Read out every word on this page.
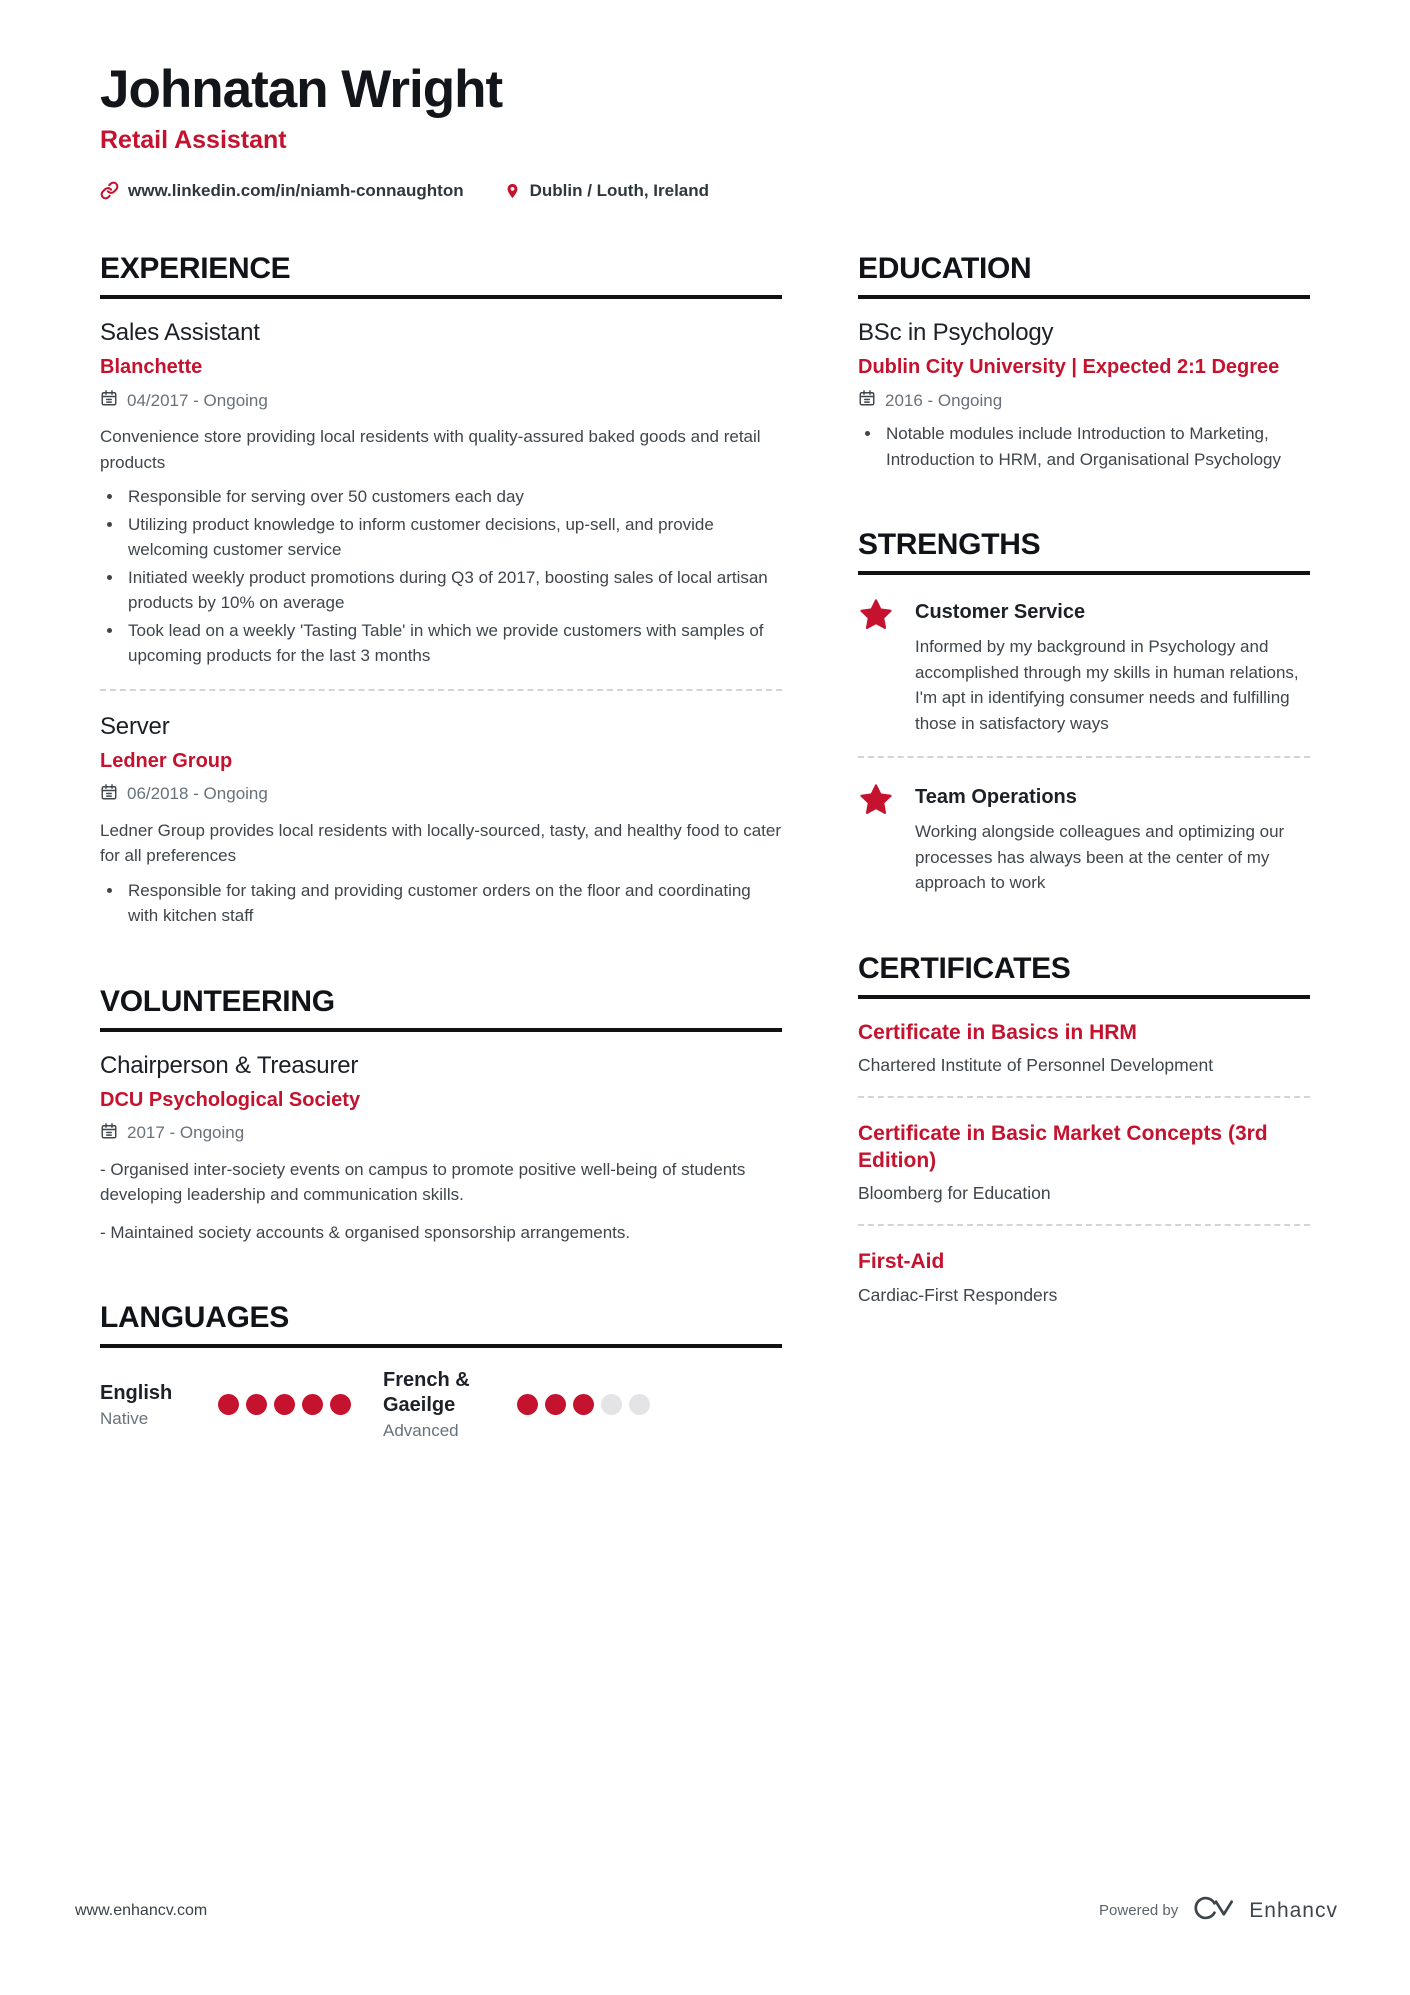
Johnatan Wright
Retail Assistant
www.linkedin.com/in/niamh-connaughton	Dublin / Louth, Ireland
EXPERIENCE
Sales Assistant
Blanchette
04/2017 - Ongoing
Convenience store providing local residents with quality-assured baked goods and retail products
• Responsible for serving over 50 customers each day
• Utilizing product knowledge to inform customer decisions, up-sell, and provide welcoming customer service
• Initiated weekly product promotions during Q3 of 2017, boosting sales of local artisan products by 10% on average
• Took lead on a weekly 'Tasting Table' in which we provide customers with samples of upcoming products for the last 3 months
Server
Ledner Group
06/2018 - Ongoing
Ledner Group provides local residents with locally-sourced, tasty, and healthy food to cater for all preferences
• Responsible for taking and providing customer orders on the floor and coordinating with kitchen staff
VOLUNTEERING
Chairperson & Treasurer
DCU Psychological Society
2017 - Ongoing

- Organised inter-society events on campus to promote positive well-being of students developing leadership and communication skills.

- Maintained society accounts & organised sponsorship arrangements.

LANGUAGES
English
Native
French & Gaeilge
Advanced
EDUCATION
BSc in Psychology
Dublin City University | Expected 2:1 Degree
2016 - Ongoing
• Notable modules include Introduction to Marketing, Introduction to HRM, and Organisational Psychology
STRENGTHS
Customer Service
Informed by my background in Psychology and accomplished through my skills in human relations, I'm apt in identifying consumer needs and fulfilling those in satisfactory ways
Team Operations
Working alongside colleagues and optimizing our processes has always been at the center of my approach to work
CERTIFICATES
Certificate in Basics in HRM
Chartered Institute of Personnel Development
Certificate in Basic Market Concepts (3rd Edition)
Bloomberg for Education
First-Aid
Cardiac-First Responders
www.enhancv.com	Powered by	Enhancv
